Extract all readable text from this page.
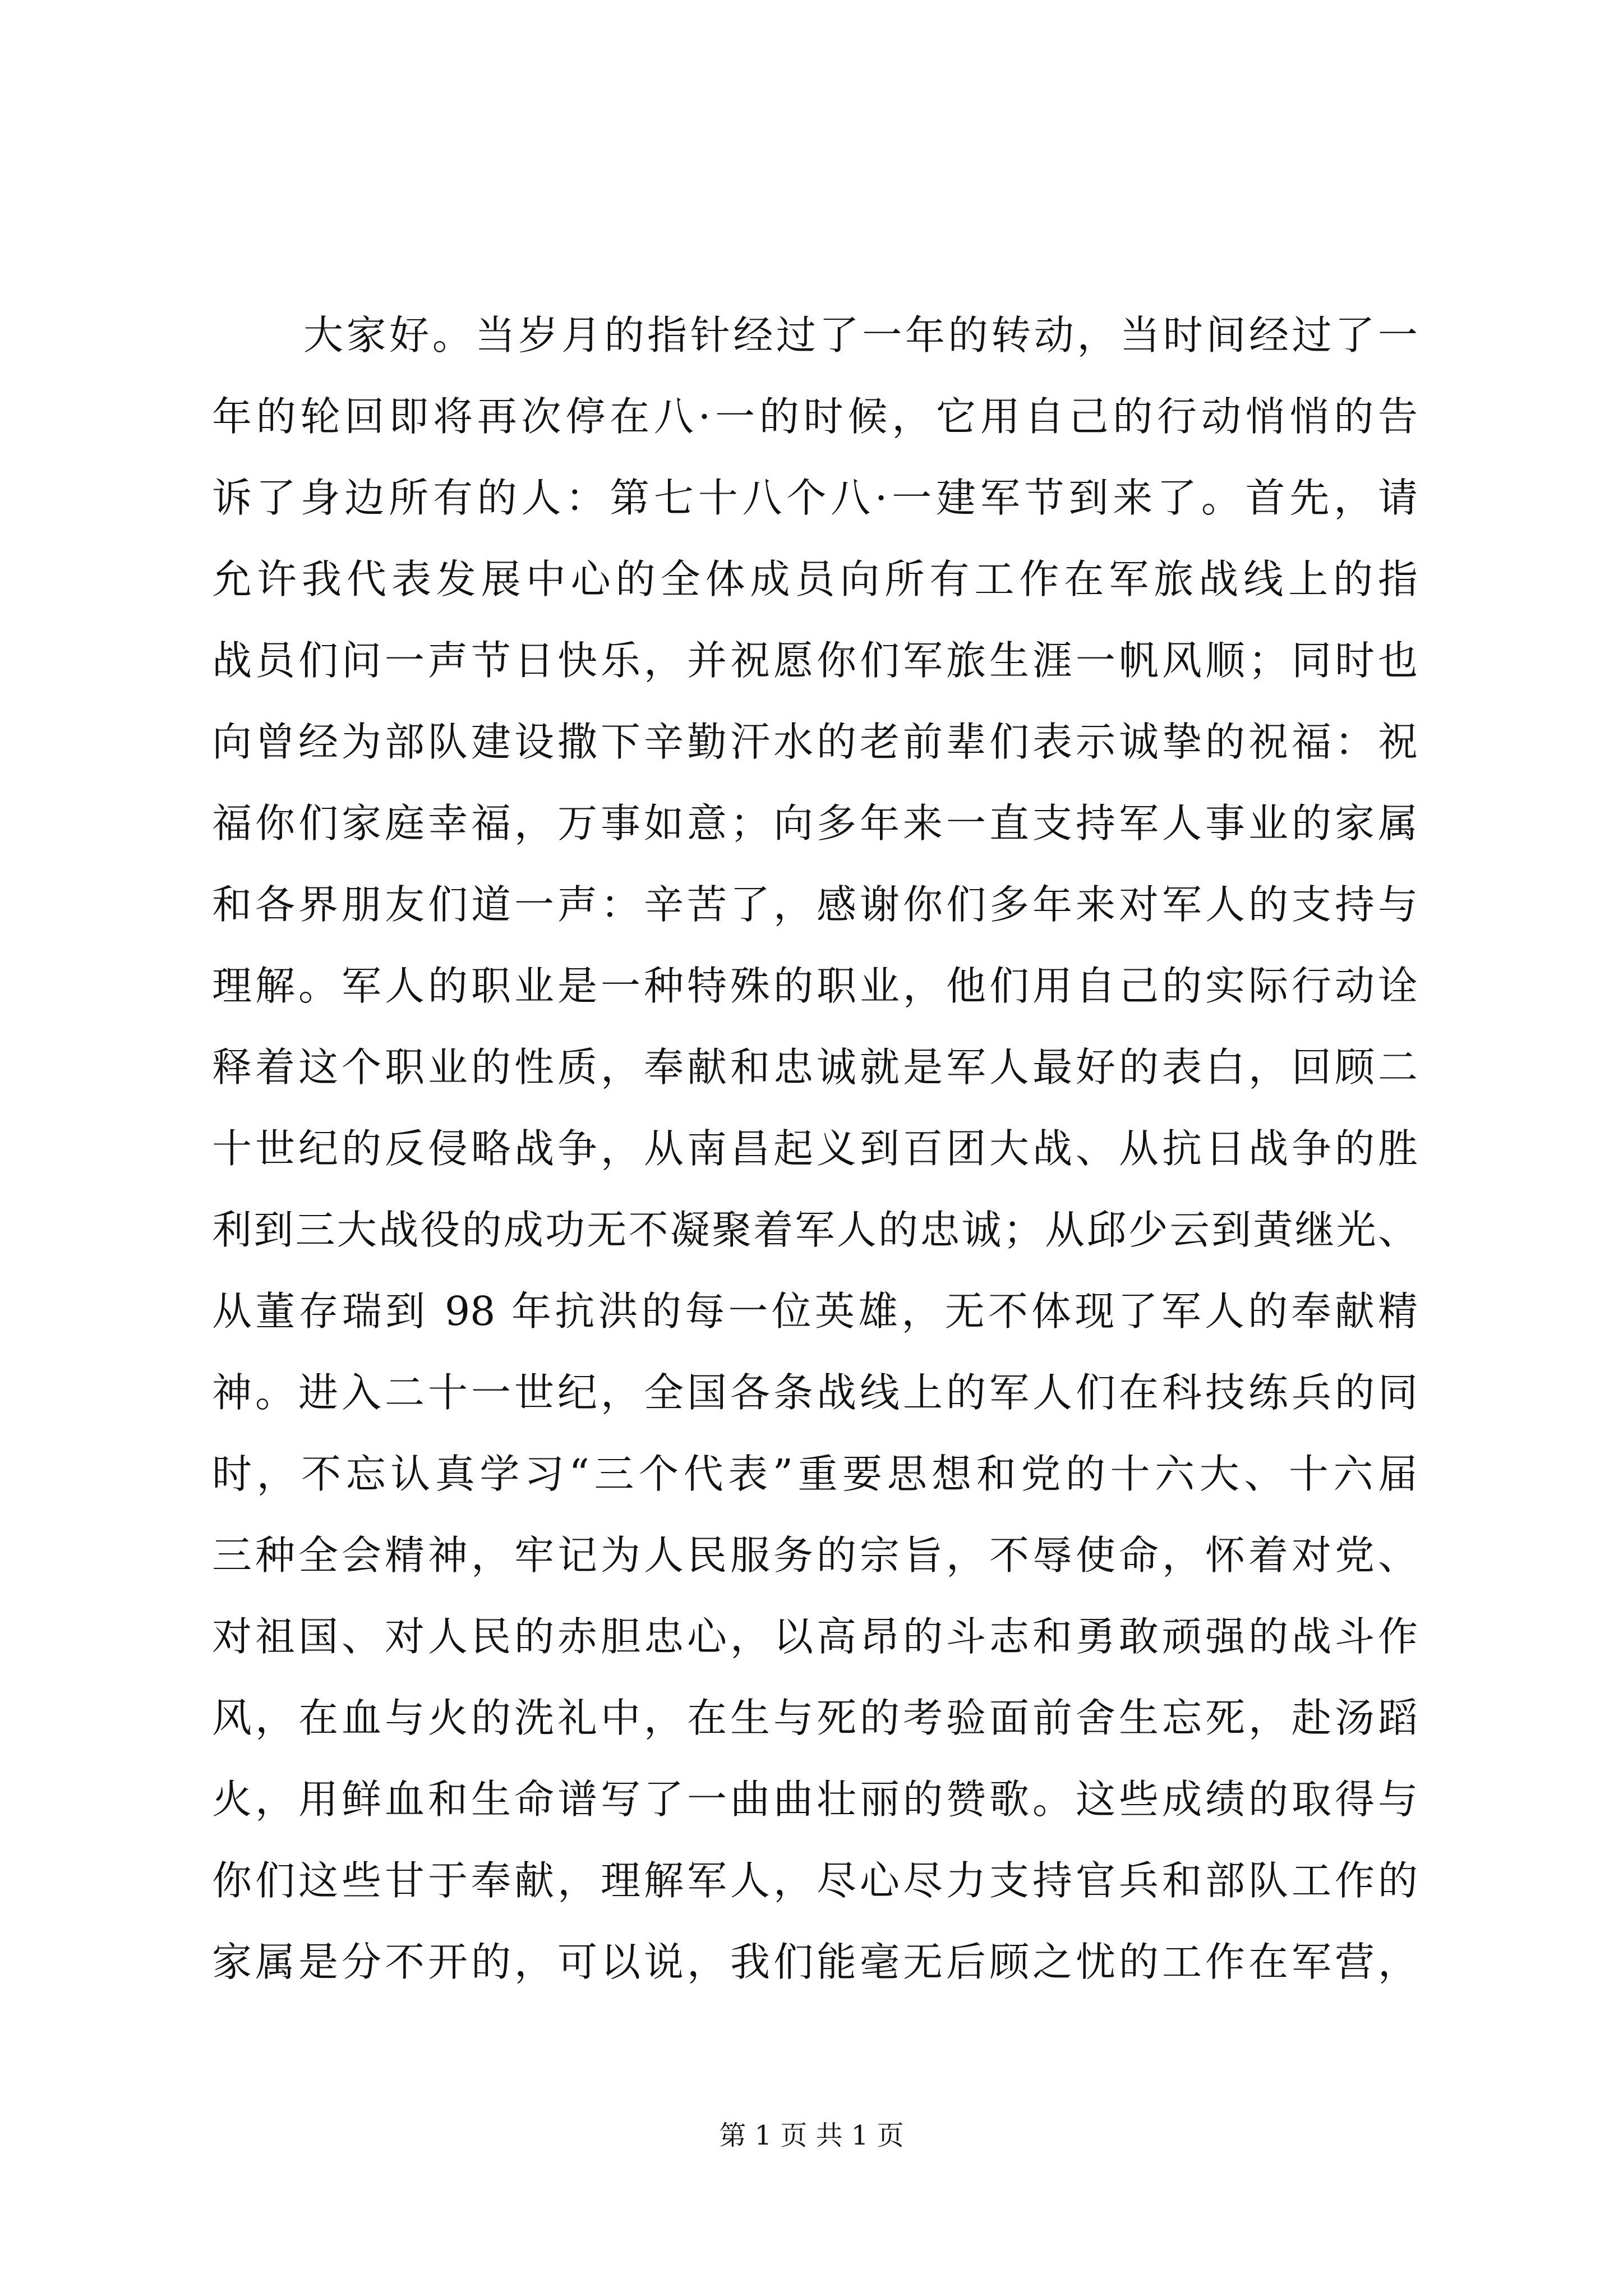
大家好。当岁月的指针经过了一年的转动，当时间经过了一
年的轮回即将再次停在八·一的时候，它用自己的行动悄悄的告
诉了身边所有的人：第七十八个八·一建军节到来了。首先，请
允许我代表发展中心的全体成员向所有工作在军旅战线上的指
战员们问一声节日快乐，并祝愿你们军旅生涯一帆风顺；同时也
向曾经为部队建设撒下辛勤汗水的老前辈们表示诚挚的祝福：祝
福你们家庭幸福，万事如意；向多年来一直支持军人事业的家属
和各界朋友们道一声：辛苦了，感谢你们多年来对军人的支持与
理解。军人的职业是一种特殊的职业，他们用自己的实际行动诠
释着这个职业的性质，奉献和忠诚就是军人最好的表白，回顾二
十世纪的反侵略战争，从南昌起义到百团大战、从抗日战争的胜
利到三大战役的成功无不凝聚着军人的忠诚；从邱少云到黄继光、
从董存瑞到 98 年抗洪的每一位英雄，无不体现了军人的奉献精
神。进入二十一世纪，全国各条战线上的军人们在科技练兵的同
时，不忘认真学习“三个代表”重要思想和党的十六大、十六届
三种全会精神，牢记为人民服务的宗旨，不辱使命，怀着对党、
对祖国、对人民的赤胆忠心，以高昂的斗志和勇敢顽强的战斗作
风，在血与火的洗礼中，在生与死的考验面前舍生忘死，赴汤蹈
火，用鲜血和生命谱写了一曲曲壮丽的赞歌。这些成绩的取得与
你们这些甘于奉献，理解军人，尽心尽力支持官兵和部队工作的
家属是分不开的，可以说，我们能毫无后顾之忧的工作在军营，
第 1 页 共 1 页
